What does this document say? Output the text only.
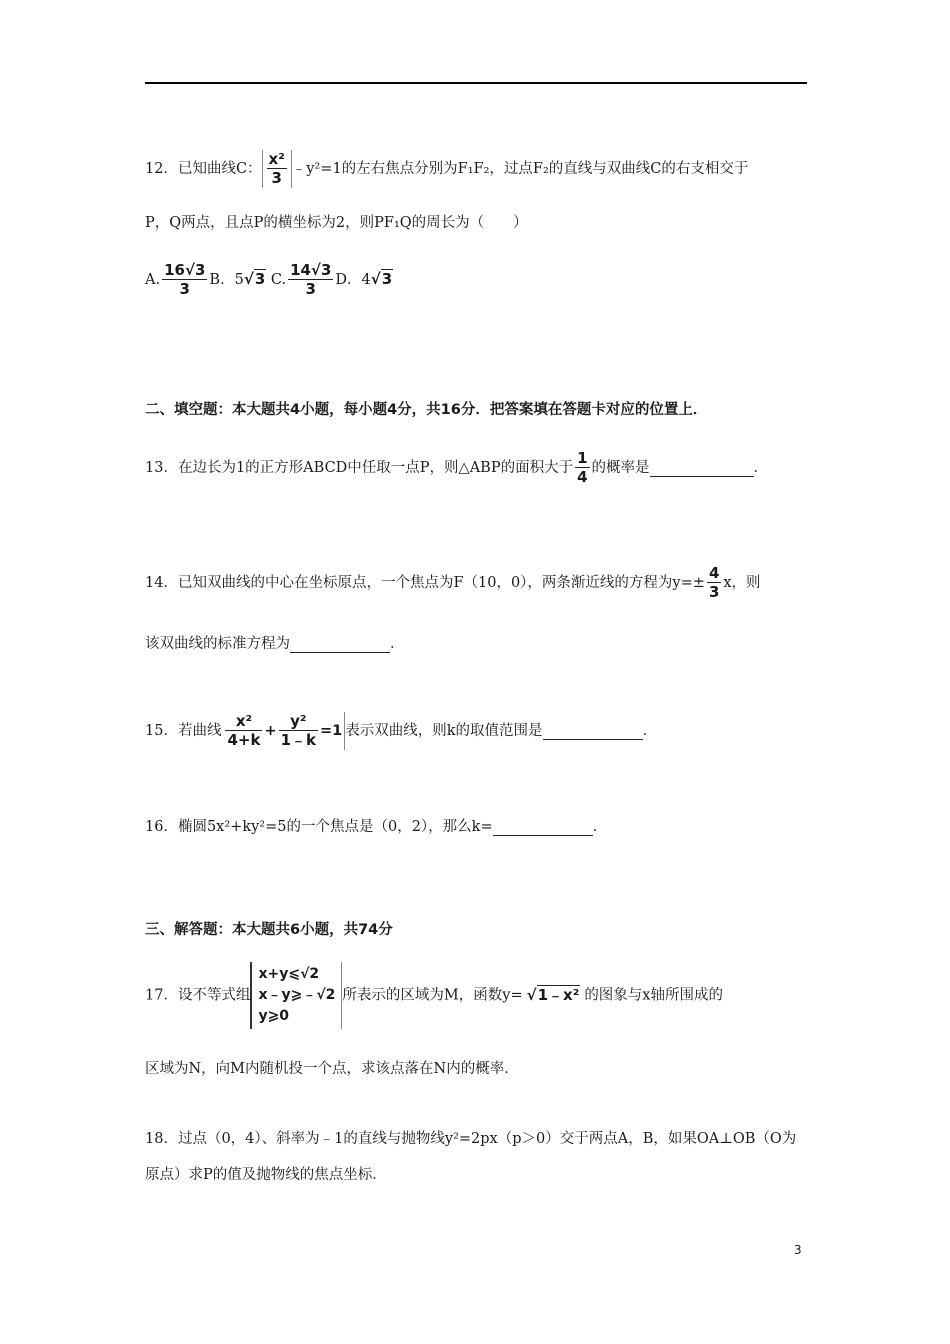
12．已知曲线C： $\frac{\text{x²}}{3}$ ﹣y²=1的左右焦点分别为F₁F₂，过点F₂的直线与双曲线C的右支相交于
P，Q两点，且点P的横坐标为2，则PF₁Q的周长为（　　）
A. $\frac{16√3}{3}$ B．5√3 C. $\frac{14√3}{3}$ D．4√3
二、填空题：本大题共4小题，每小题4分，共16分．把答案填在答题卡对应的位置上．
13．在边长为1的正方形ABCD中任取一点P，则△ABP的面积大于 $\frac{1}{4}$ 的概率是	．
14．已知双曲线的中心在坐标原点，一个焦点为F（10，0），两条渐近线的方程为$y=\pm \frac{4}{3}$ x，则
该双曲线的标准方程为	．
15．若曲线 $\frac{\text{x²}}{4+k} + \frac{\text{y²}}{1﹣k} =1$ 表示双曲线，则k的取值范围是	．
16．椭圆5x²+ky²=5的一个焦点是（0，2），那么k=	．
三、解答题：本大题共6小题，共74分
17．设不等式组
x+y⩽√2
x﹣y⩾﹣√2
y⩾0
所表示的区域为M，函数y= √1﹣x² 的图象与x轴所围成的
区域为N，向M内随机投一个点，求该点落在N内的概率．
18．过点（0，4）、斜率为﹣1的直线与抛物线y²=2px（p＞0）交于两点A，B，如果OA⊥OB（O为
原点）求P的值及抛物线的焦点坐标．
3
